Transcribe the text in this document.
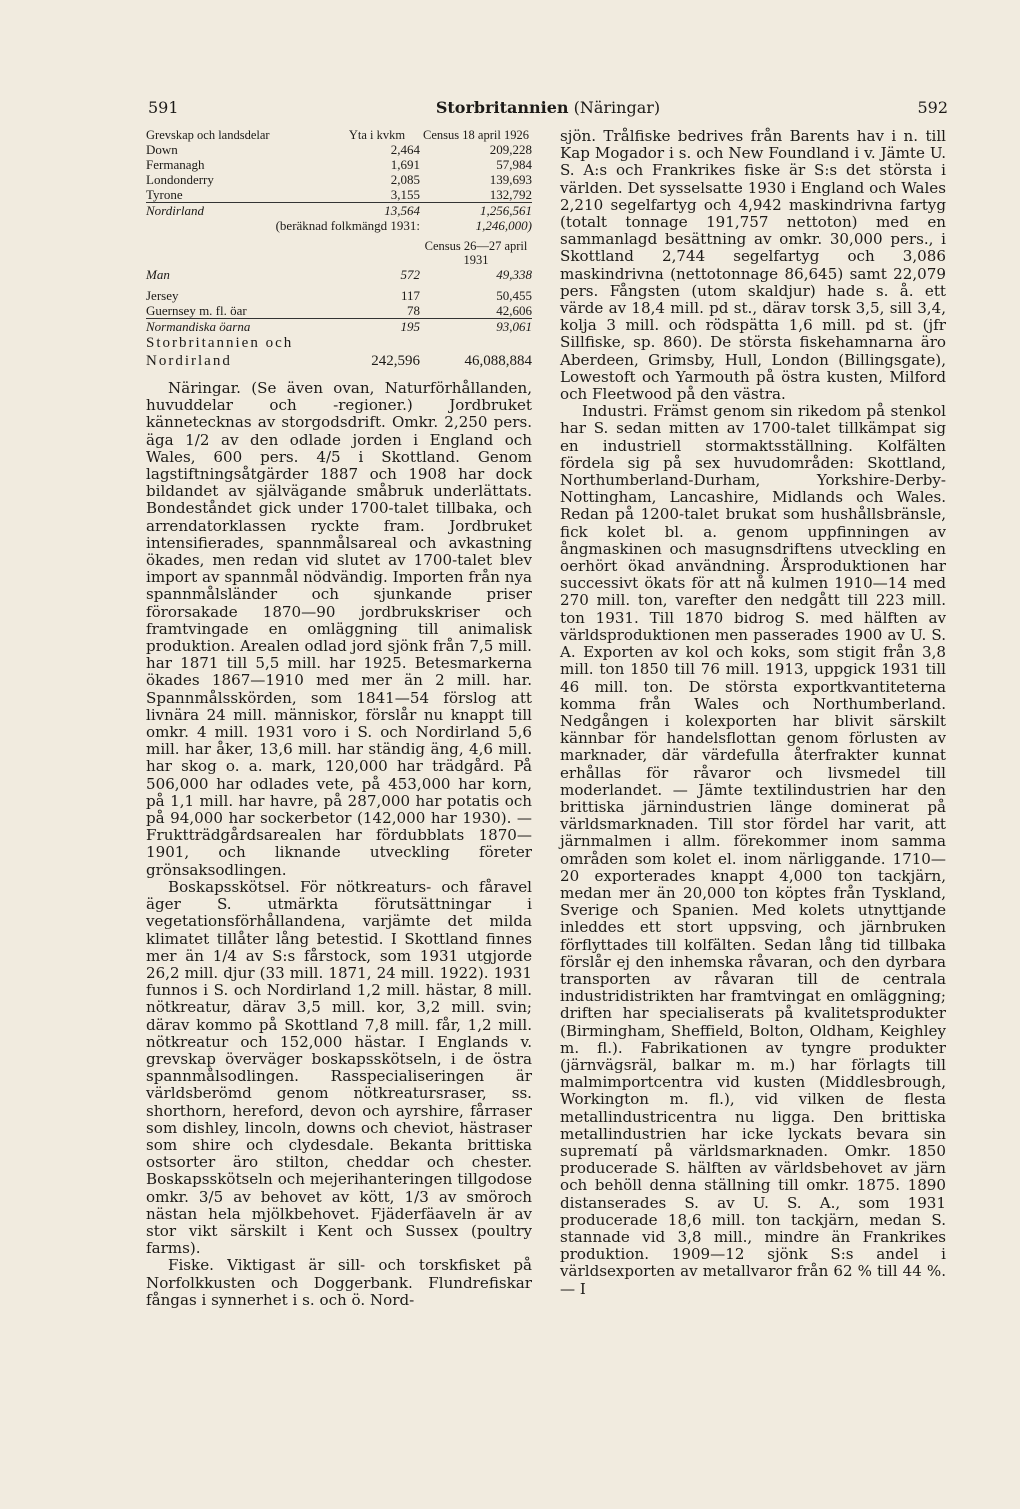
591	Storbritannien (Näringar)	592
Grevskap och landsdelar	Yta i kvkm	Census 18 april 1926
Down	2,464	209,228
Fermanagh	1,691	57,984
Londonderry	2,085	139,693
Tyrone	3,155	132,792
Nordirland	13,564	1,256,561
(beräknad folkmängd 1931:		1,246,000)
		Census 26—27 april 1931
Man	572	49,338

Jersey	117	50,455
Guernsey m. fl. öar	78	42,606
Normandiska öarna	195	93,061
Storbritannien och		
Nordirland	242,596	46,088,884

Näringar. (Se även ovan, Naturförhållanden, huvuddelar och -regioner.) Jordbruket kännetecknas av storgodsdrift. Omkr. 2,250 pers. äga 1/2 av den odlade jorden i England och Wales, 600 pers. 4/5 i Skottland. Genom lagstiftningsåtgärder 1887 och 1908 har dock bildandet av självägande småbruk underlättats. Bondeståndet gick under 1700-talet tillbaka, och arrendatorklassen ryckte fram. Jordbruket intensifierades, spannmålsareal och avkastning ökades, men redan vid slutet av 1700-talet blev import av spannmål nödvändig. Importen från nya spannmålsländer och sjunkande priser förorsakade 1870—90 jordbrukskriser och framtvingade en omläggning till animalisk produktion. Arealen odlad jord sjönk från 7,5 mill. har 1871 till 5,5 mill. har 1925. Betesmarkerna ökades 1867—1910 med mer än 2 mill. har. Spannmålsskörden, som 1841—54 förslog att livnära 24 mill. människor, förslår nu knappt till omkr. 4 mill. 1931 voro i S. och Nordirland 5,6 mill. har åker, 13,6 mill. har ständig äng, 4,6 mill. har skog o. a. mark, 120,000 har trädgård. På 506,000 har odlades vete, på 453,000 har korn, på 1,1 mill. har havre, på 287,000 har potatis och på 94,000 har sockerbetor (142,000 har 1930). — Fruktträdgårdsarealen har fördubblats 1870—1901, och liknande utveckling företer grönsaksodlingen.

Boskapsskötsel. För nötkreaturs- och fåravel äger S. utmärkta förutsättningar i vegetationsförhållandena, varjämte det milda klimatet tillåter lång betestid. I Skottland finnes mer än 1/4 av S:s fårstock, som 1931 utgjorde 26,2 mill. djur (33 mill. 1871, 24 mill. 1922). 1931 funnos i S. och Nordirland 1,2 mill. hästar, 8 mill. nötkreatur, därav 3,5 mill. kor, 3,2 mill. svin; därav kommo på Skottland 7,8 mill. får, 1,2 mill. nötkreatur och 152,000 hästar. I Englands v. grevskap överväger boskapsskötseln, i de östra spannmålsodlingen. Rasspecialiseringen är världsberömd genom nötkreatursraser, ss. shorthorn, hereford, devon och ayrshire, fårraser som dishley, lincoln, downs och cheviot, hästraser som shire och clydesdale. Bekanta brittiska ostsorter äro stilton, cheddar och chester. Boskapsskötseln och mejerihanteringen tillgodose omkr. 3/5 av behovet av kött, 1/3 av smöroch nästan hela mjölkbehovet. Fjäderfäaveln är av stor vikt särskilt i Kent och Sussex (poultry farms).

Fiske. Viktigast är sill- och torskfisket på Norfolkkusten och Doggerbank. Flundrefiskar fångas i synnerhet i s. och ö. Nord-

sjön. Trålfiske bedrives från Barents hav i n. till Kap Mogador i s. och New Foundland i v. Jämte U. S. A:s och Frankrikes fiske är S:s det största i världen. Det sysselsatte 1930 i England och Wales 2,210 segelfartyg och 4,942 maskindrivna fartyg (totalt tonnage 191,757 nettoton) med en sammanlagd besättning av omkr. 30,000 pers., i Skottland 2,744 segelfartyg och 3,086 maskindrivna (nettotonnage 86,645) samt 22,079 pers. Fångsten (utom skaldjur) hade s. å. ett värde av 18,4 mill. pd st., därav torsk 3,5, sill 3,4, kolja 3 mill. och rödspätta 1,6 mill. pd st. (jfr Sillfiske, sp. 860). De största fiskehamnarna äro Aberdeen, Grimsby, Hull, London (Billingsgate), Lowestoft och Yarmouth på östra kusten, Milford och Fleetwood på den västra.

Industri. Främst genom sin rikedom på stenkol har S. sedan mitten av 1700-talet tillkämpat sig en industriell stormaktsställning. Kolfälten fördela sig på sex huvudområden: Skottland, Northumberland-Durham, Yorkshire-Derby-Nottingham, Lancashire, Midlands och Wales. Redan på 1200-talet brukat som hushållsbränsle, fick kolet bl. a. genom uppfinningen av ångmaskinen och masugnsdriftens utveckling en oerhört ökad användning. Årsproduktionen har successivt ökats för att nå kulmen 1910—14 med 270 mill. ton, varefter den nedgått till 223 mill. ton 1931. Till 1870 bidrog S. med hälften av världsproduktionen men passerades 1900 av U. S. A. Exporten av kol och koks, som stigit från 3,8 mill. ton 1850 till 76 mill. 1913, uppgick 1931 till 46 mill. ton. De största exportkvantiteterna komma från Wales och Northumberland. Nedgången i kolexporten har blivit särskilt kännbar för handelsflottan genom förlusten av marknader, där värdefulla återfrakter kunnat erhållas för råvaror och livsmedel till moderlandet. — Jämte textilindustrien har den brittiska järnindustrien länge dominerat på världsmarknaden. Till stor fördel har varit, att järnmalmen i allm. förekommer inom samma områden som kolet el. inom närliggande. 1710—20 exporterades knappt 4,000 ton tackjärn, medan mer än 20,000 ton köptes från Tyskland, Sverige och Spanien. Med kolets utnyttjande inleddes ett stort uppsving, och järnbruken förflyttades till kolfälten. Sedan lång tid tillbaka förslår ej den inhemska råvaran, och den dyrbara transporten av råvaran till de centrala industridistrikten har framtvingat en omläggning; driften har specialiserats på kvalitetsprodukter (Birmingham, Sheffield, Bolton, Oldham, Keighley m. fl.). Fabrikationen av tyngre produkter (järnvägsräl, balkar m. m.) har förlagts till malmimportcentra vid kusten (Middlesbrough, Workington m. fl.), vid vilken de flesta metallindustricentra nu ligga. Den brittiska metallindustrien har icke lyckats bevara sin suprematí på världsmarknaden. Omkr. 1850 producerade S. hälften av världsbehovet av järn och behöll denna ställning till omkr. 1875. 1890 distanserades S. av U. S. A., som 1931 producerade 18,6 mill. ton tackjärn, medan S. stannade vid 3,8 mill., mindre än Frankrikes produktion. 1909—12 sjönk S:s andel i världsexporten av metallvaror från 62 % till 44 %. — I
